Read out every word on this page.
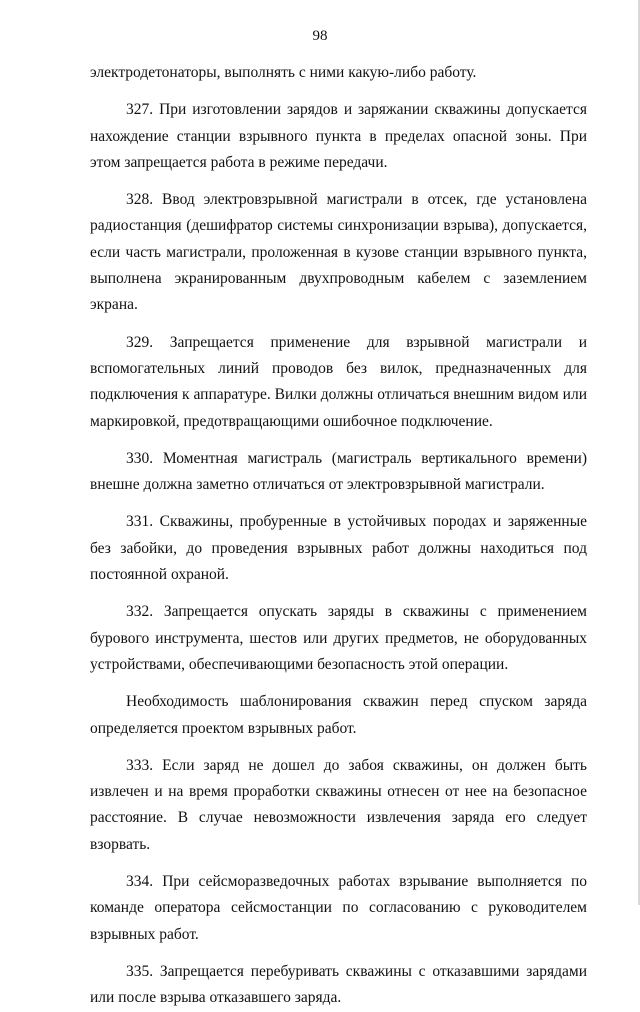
98

электродетонаторы, выполнять с ними какую-либо работу.

327. При изготовлении зарядов и заряжании скважины допускается нахождение станции взрывного пункта в пределах опасной зоны. При этом запрещается работа в режиме передачи.

328. Ввод электровзрывной магистрали в отсек, где установлена радиостанция (дешифратор системы синхронизации взрыва), допускается, если часть магистрали, проложенная в кузове станции взрывного пункта, выполнена экранированным двухпроводным кабелем с заземлением экрана.

329. Запрещается применение для взрывной магистрали и вспомогательных линий проводов без вилок, предназначенных для подключения к аппаратуре. Вилки должны отличаться внешним видом или маркировкой, предотвращающими ошибочное подключение.

330. Моментная магистраль (магистраль вертикального времени) внешне должна заметно отличаться от электровзрывной магистрали.

331. Скважины, пробуренные в устойчивых породах и заряженные без забойки, до проведения взрывных работ должны находиться под постоянной охраной.

332. Запрещается опускать заряды в скважины с применением бурового инструмента, шестов или других предметов, не оборудованных устройствами, обеспечивающими безопасность этой операции.

Необходимость шаблонирования скважин перед спуском заряда определяется проектом взрывных работ.

333. Если заряд не дошел до забоя скважины, он должен быть извлечен и на время проработки скважины отнесен от нее на безопасное расстояние. В случае невозможности извлечения заряда его следует взорвать.

334. При сейсморазведочных работах взрывание выполняется по команде оператора сейсмостанции по согласованию с руководителем взрывных работ.

335. Запрещается перебуривать скважины с отказавшими зарядами или после взрыва отказавшего заряда.
